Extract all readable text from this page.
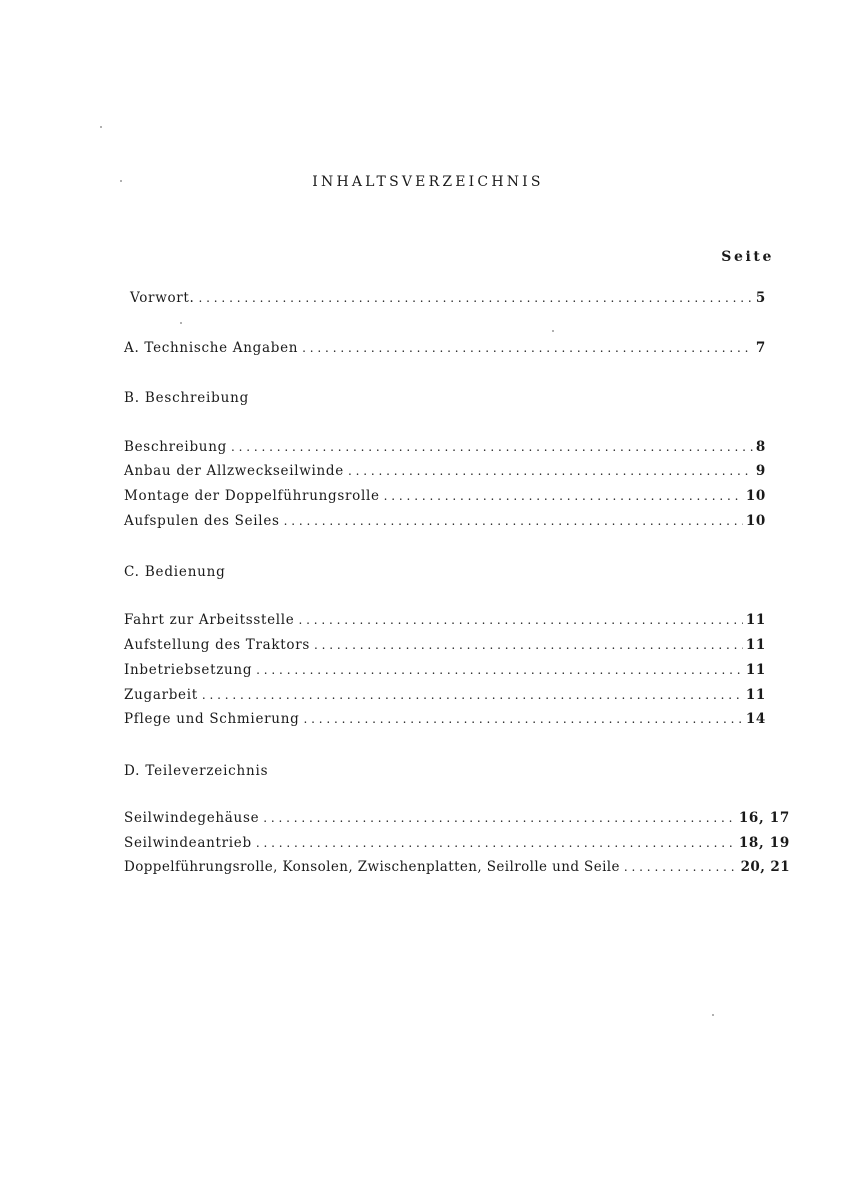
INHALTSVERZEICHNIS
Seite
Vorwort. . . .	5
A. Technische Angaben . . .	7
B. Beschreibung
Beschreibung . . .	8
Anbau der Allzweckseilwinde . . .	9
Montage der Doppelführungsrolle . . .	10
Aufspulen des Seiles . . .	10
C. Bedienung
Fahrt zur Arbeitsstelle . . .	11
Aufstellung des Traktors . . .	11
Inbetriebsetzung . . .	11
Zugarbeit . . .	11
Pflege und Schmierung . . .	14
D. Teileverzeichnis
Seilwindegehäuse . . .	16, 17
Seilwindeantrieb . . .	18, 19
Doppelführungsrolle, Konsolen, Zwischenplatten, Seilrolle und Seile . . .	20, 21
